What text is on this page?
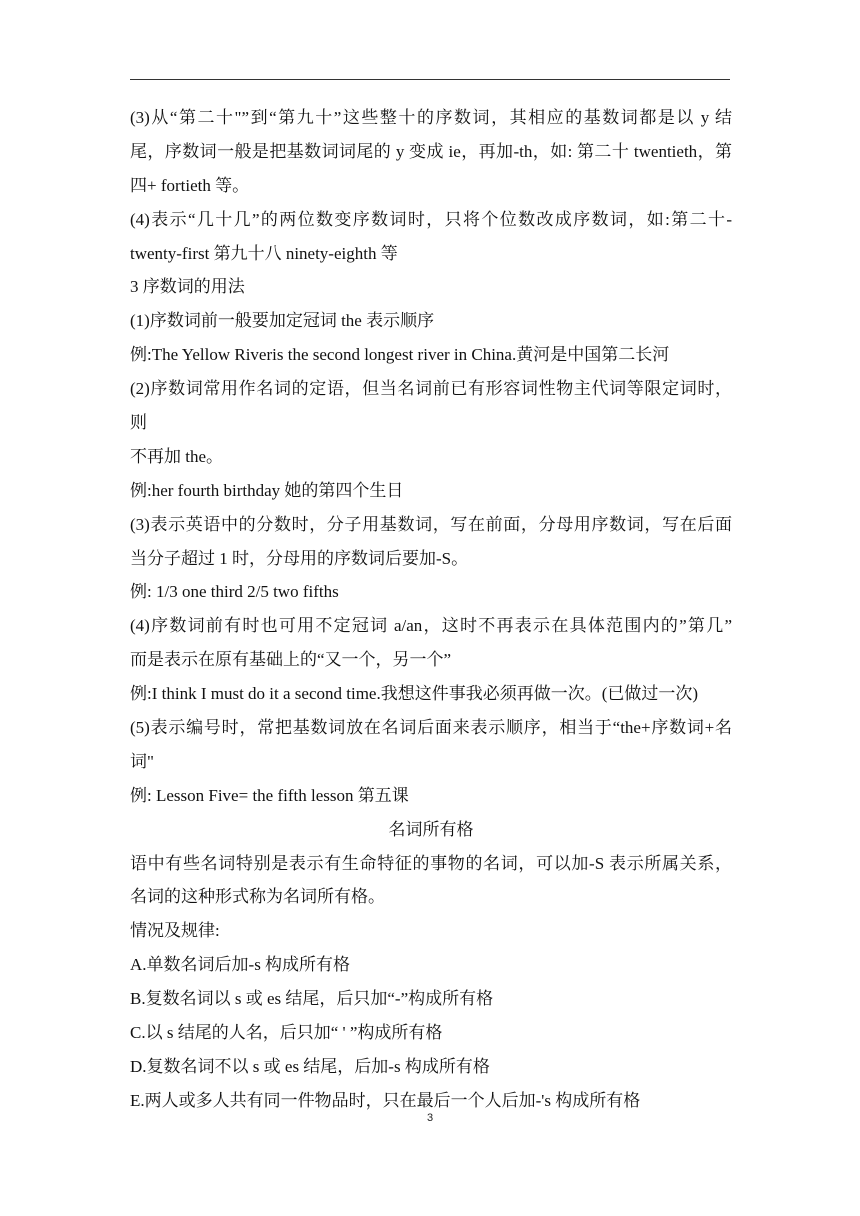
(3)从“第二十"”到“第九十”这些整十的序数词，其相应的基数词都是以 y 结
尾，序数词一般是把基数词词尾的 y 变成 ie，再加-th，如: 第二十 twentieth，第
四+ fortieth 等。
(4)表示“几十几”的两位数变序数词时，只将个位数改成序数词，如:第二十-
twenty-first 第九十八 ninety-eighth 等
3 序数词的用法
(1)序数词前一般要加定冠词 the 表示顺序
例:The Yellow Riveris the second longest river in China.黄河是中国第二长河
(2)序数词常用作名词的定语，但当名词前已有形容词性物主代词等限定词时，
则
不再加 the。
例:her fourth birthday 她的第四个生日
(3)表示英语中的分数时，分子用基数词，写在前面，分母用序数词，写在后面
当分子超过 1 时，分母用的序数词后要加-S。
例: 1/3 one third 2/5 two fifths
(4)序数词前有时也可用不定冠词 a/an，这时不再表示在具体范围内的”第几”
而是表示在原有基础上的“又一个，另一个”
例:I think I must do it a second time.我想这件事我必须再做一次。(已做过一次)
(5)表示编号时，常把基数词放在名词后面来表示顺序，相当于“the+序数词+名
词"
例: Lesson Five= the fifth lesson 第五课
名词所有格
语中有些名词特别是表示有生命特征的事物的名词，可以加-S 表示所属关系，
名词的这种形式称为名词所有格。
情况及规律:
A.单数名词后加-s 构成所有格
B.复数名词以 s 或 es 结尾，后只加“-”构成所有格
C.以 s 结尾的人名，后只加“ ' ”构成所有格
D.复数名词不以 s 或 es 结尾，后加-s 构成所有格
E.两人或多人共有同一件物品时，只在最后一个人后加-'s 构成所有格
3
